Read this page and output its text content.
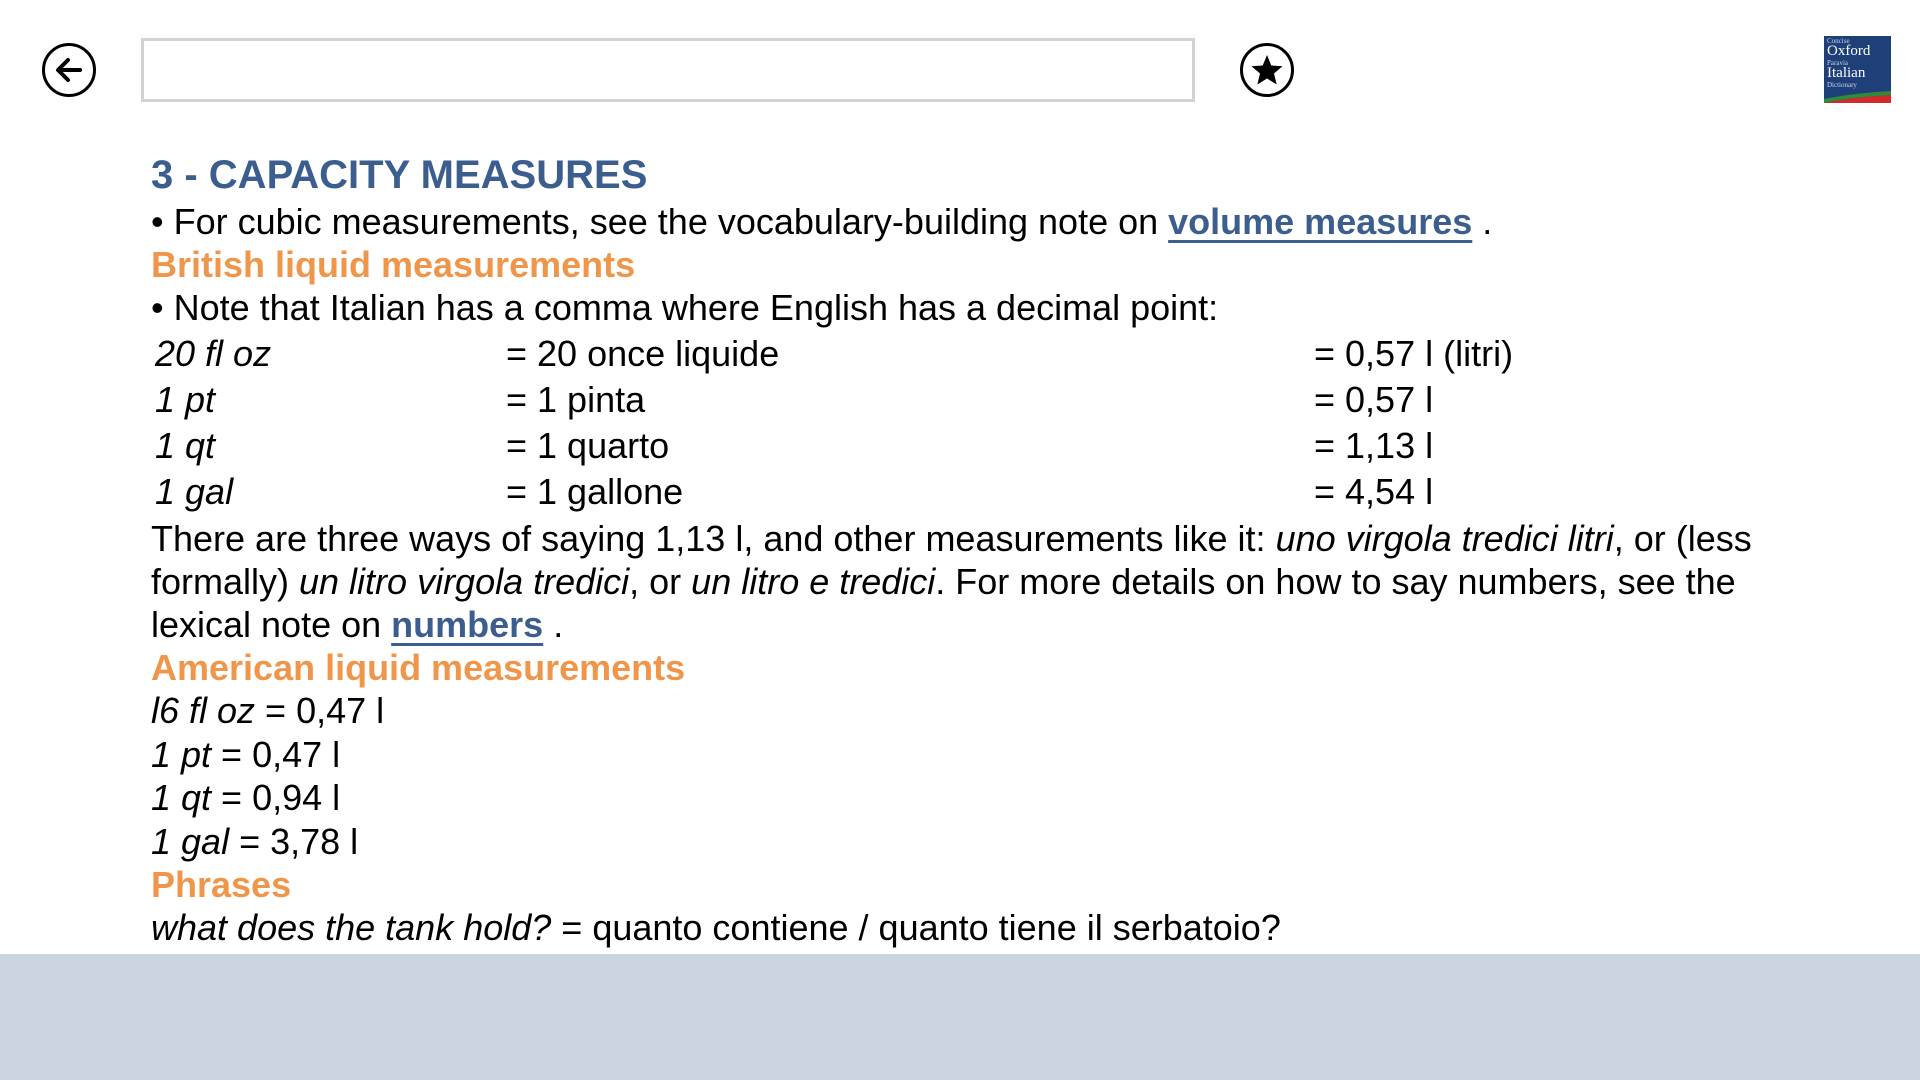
Concise
Oxford
Paravia
Italian
Dictionary

3 - CAPACITY MEASURES

• For cubic measurements, see the vocabulary-building note on volume measures .

British liquid measurements

• Note that Italian has a comma where English has a decimal point:

20 fl oz	= 20 once liquide	= 0,57 l (litri)
1 pt	= 1 pinta	= 0,57 l
1 qt	= 1 quarto	= 1,13 l
1 gal	= 1 gallone	= 4,54 l

There are three ways of saying 1,13 l, and other measurements like it: uno virgola tredici litri, or (less formally) un litro virgola tredici, or un litro e tredici. For more details on how to say numbers, see the lexical note on numbers .

American liquid measurements

l6 fl oz = 0,47 l

1 pt = 0,47 l

1 qt = 0,94 l

1 gal = 3,78 l

Phrases

what does the tank hold? = quanto contiene / quanto tiene il serbatoio?
